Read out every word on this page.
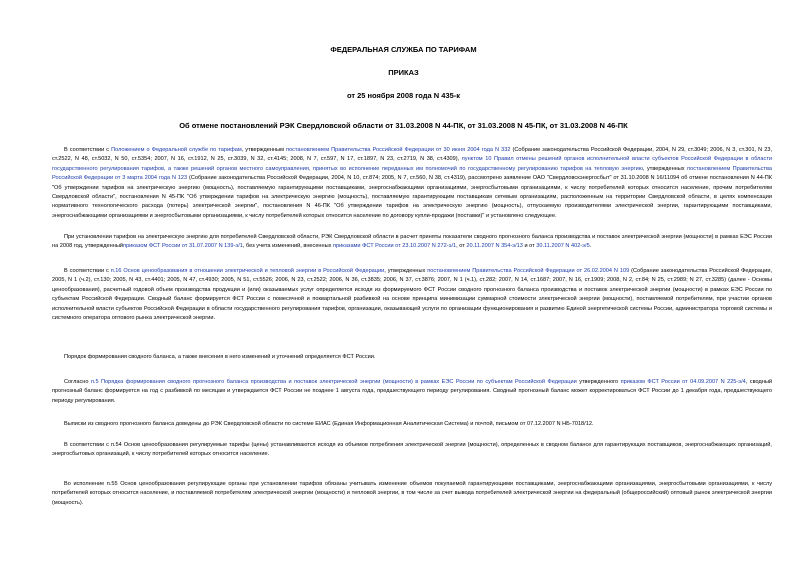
ФЕДЕРАЛЬНАЯ СЛУЖБА ПО ТАРИФАМ
ПРИКАЗ
от 25 ноября 2008 года N 435-к
Об отмене постановлений РЭК Свердловской области от 31.03.2008 N 44-ПК, от 31.03.2008 N 45-ПК, от 31.03.2008 N 46-ПК

В соответствии с Положением о Федеральной службе по тарифам, утвержденным постановлением Правительства Российской Федерации от 30 июня 2004 года N 332 (Собрание законодательства Российской Федерации, 2004, N 29, ст.3049; 2006, N 3, ст.301, N 23, ст.2522, N 48, ст.5032, N 50, ст.5354; 2007, N 16, ст.1912, N 25, ст.3039, N 32, ст.4145; 2008, N 7, ст.597, N 17, ст.1897, N 23, ст.2719, N 38, ст.4309), пунктом 10 Правил отмены решений органов исполнительной власти субъектов Российской Федерации в области государственного регулирования тарифов, а также решений органов местного самоуправления, принятых во исполнение переданных им полномочий по государственному регулированию тарифов на тепловую энергию, утвержденных постановлением Правительства Российской Федерации от 3 марта 2004 года N 123 (Собрание законодательства Российской Федерации, 2004, N 10, ст.874; 2005, N 7, ст.560, N 38, ст.4319), рассмотрено заявление ОАО "Свердловскэнергосбыт" от 31.10.2008 N 16/11094 об отмене постановления N 44-ПК "Об утверждении тарифов на электрическую энергию (мощность), поставляемую гарантирующими поставщиками, энергоснабжающими организациями, энергосбытовыми организациями, к числу потребителей которых относится население, прочим потребителям Свердловской области", постановления N 45-ПК "Об утверждении тарифов на электрическую энергию (мощность), поставляемую гарантирующим поставщикам сетевым организациям, расположенным на территории Свердловской области, в целях компенсации нормативного технологического расхода (потерь) электрической энергии", постановления N 46-ПК "Об утверждении тарифов на электрическую энергию (мощность), отпускаемую производителями электрической энергии, гарантирующими поставщиками, энергоснабжающими организациями и энергосбытовыми организациями, к числу потребителей которых относится население по договору купли-продажи (поставки)" и установлено следующее.

При установлении тарифов на электрическую энергию для потребителей Свердловской области, РЭК Свердловской области в расчет приняты показатели сводного прогнозного баланса производства и поставок электрической энергии (мощности) в рамках ЕЭС России на 2008 год, утвержденныйприказом ФСТ России от 31.07.2007 N 139-э/1, без учета изменений, внесенных приказами ФСТ России от 23.10.2007 N 272-э/1, от 20.11.2007 N 354-э/13 и от 30.11.2007 N 402-э/5.

В соответствии с п.16 Основ ценообразования в отношении электрической и тепловой энергии в Российской Федерации, утвержденных постановлением Правительства Российской Федерации от 26.02.2004 N 109 (Собрание законодательства Российской Федерации, 2005, N 1 (ч.2), ст.130; 2005, N 43, ст.4401; 2005, N 47, ст.4930; 2005, N 51, ст.5526; 2006, N 23, ст.2522; 2006, N 36, ст.3835; 2006, N 37, ст.3876; 2007, N 1 (ч.1), ст.282; 2007, N 14, ст.1687; 2007, N 16, ст.1909; 2008, N 2, ст.84; N 25, ст.2989; N 27, ст.3285) (далее - Основы ценообразования), расчетный годовой объем производства продукции и (или) оказываемых услуг определяется исходя из формируемого ФСТ России сводного прогнозного баланса производства и поставок электрической энергии (мощности) в рамках ЕЭС России по субъектам Российской Федерации. Сводный баланс формируется ФСТ России с помесячной и поквартальной разбивкой на основе принципа минимизации суммарной стоимости электрической энергии (мощности), поставляемой потребителям, при участии органов исполнительной власти субъектов Российской Федерации в области государственного регулирования тарифов, организации, оказывающей услуги по организации функционирования и развитию Единой энергетической системы России, администратора торговой системы и системного оператора оптового рынка электрической энергии.

Порядок формирования сводного баланса, а также внесения в него изменений и уточнений определяется ФСТ России.

Согласно п.5 Порядка формирования сводного прогнозного баланса производства и поставок электрической энергии (мощности) в рамках ЕЭС России по субъектам Российской Федерации утвержденного приказом ФСТ России от 04.09.2007 N 225-э/4, сводный прогнозный баланс формируется на год с разбивкой по месяцам и утверждается ФСТ России не позднее 1 августа года, предшествующего периоду регулирования. Сводный прогнозный баланс может корректироваться ФСТ России до 1 декабря года, предшествующего периоду регулирования.

Выписки из сводного прогнозного баланса доведены до РЭК Свердловской области по системе ЕИАС (Единая Информационная Аналитическая Система) и почтой, письмом от 07.12.2007 N НБ-7018/12.

В соответствии с п.54 Основ ценообразования регулируемые тарифы (цены) устанавливаются исходя из объемов потребления электрической энергии (мощности), определенных в сводном балансе для гарантирующих поставщиков, энергоснабжающих организаций, энергосбытовых организаций, к числу потребителей которых относится население.

Во исполнение п.55 Основ ценообразования регулирующие органы при установлении тарифов обязаны учитывать изменение объемов покупаемой гарантирующими поставщиками, энергоснабжающими организациями, энергосбытовыми организациями, к числу потребителей которых относится население, и поставляемой потребителям электрической энергии (мощности) и тепловой энергии, в том числе за счет вывода потребителей электрической энергии на федеральный (общероссийский) оптовый рынок электрической энергии (мощность).
